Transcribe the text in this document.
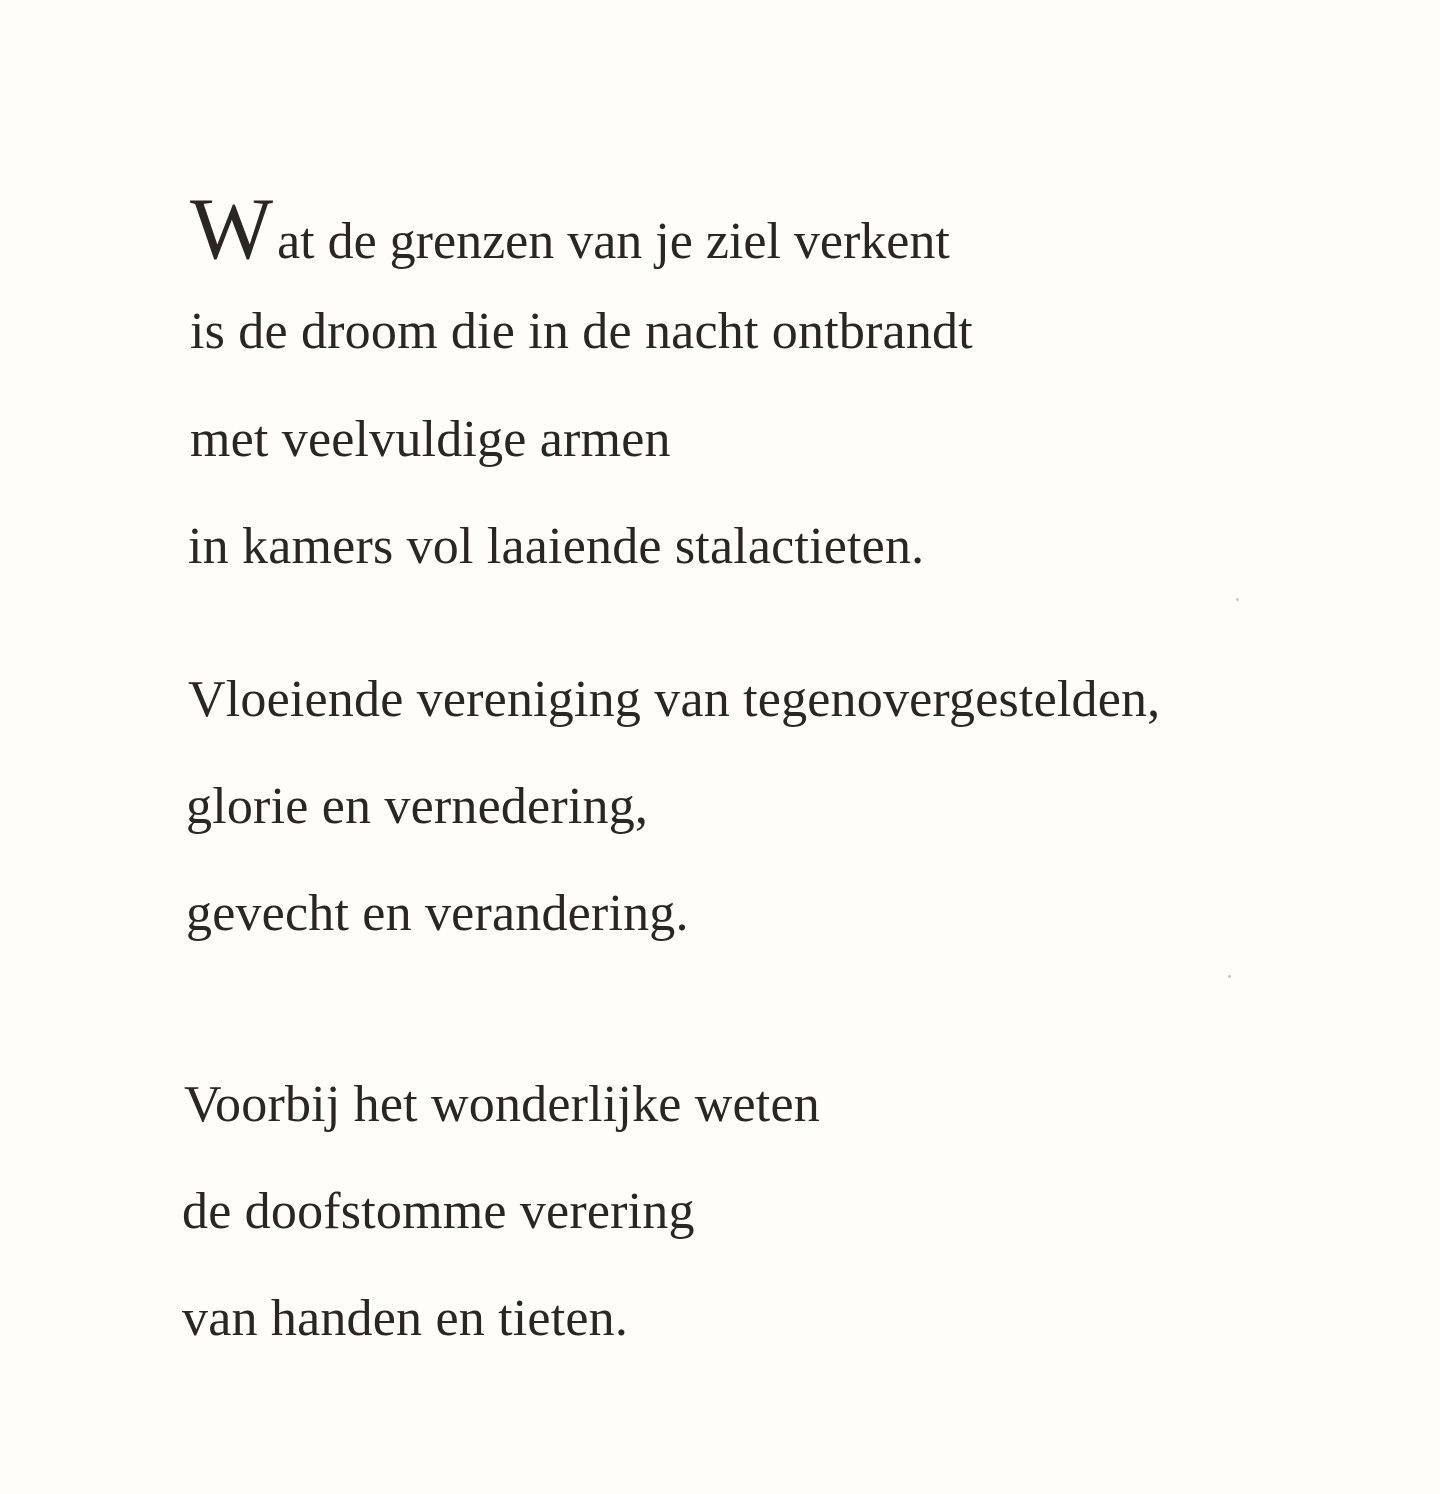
Wat de grenzen van je ziel verkent
is de droom die in de nacht ontbrandt
met veelvuldige armen
in kamers vol laaiende stalactieten.
Vloeiende vereniging van tegenovergestelden,
glorie en vernedering,
gevecht en verandering.
Voorbij het wonderlijke weten
de doofstomme verering
van handen en tieten.
